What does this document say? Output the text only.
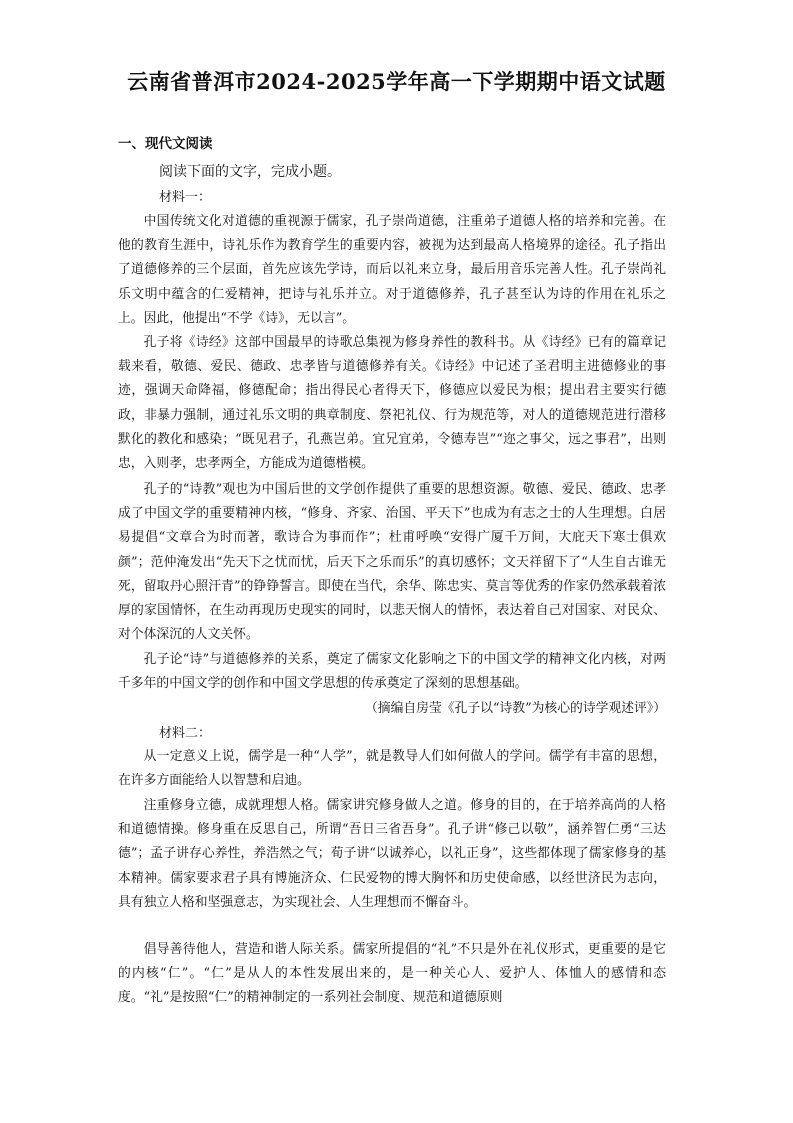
云南省普洱市2024-2025学年高一下学期期中语文试题
一、现代文阅读
阅读下面的文字，完成小题。
材料一：

中国传统文化对道德的重视源于儒家，孔子崇尚道德，注重弟子道德人格的培养和完善。在他的教育生涯中，诗礼乐作为教育学生的重要内容，被视为达到最高人格境界的途径。孔子指出了道德修养的三个层面，首先应该先学诗，而后以礼来立身，最后用音乐完善人性。孔子崇尚礼乐文明中蕴含的仁爱精神，把诗与礼乐并立。对于道德修养，孔子甚至认为诗的作用在礼乐之上。因此，他提出“不学《诗》，无以言”。

孔子将《诗经》这部中国最早的诗歌总集视为修身养性的教科书。从《诗经》已有的篇章记载来看，敬德、爱民、德政、忠孝皆与道德修养有关。《诗经》中记述了圣君明主进德修业的事迹，强调天命降福，修德配命；指出得民心者得天下，修德应以爱民为根；提出君主要实行德政，非暴力强制，通过礼乐文明的典章制度、祭祀礼仪、行为规范等，对人的道德规范进行潜移默化的教化和感染；“既见君子，孔燕岂弟。宜兄宜弟，令德寿岂”“迩之事父，远之事君”，出则忠，入则孝，忠孝两全，方能成为道德楷模。

孔子的“诗教”观也为中国后世的文学创作提供了重要的思想资源。敬德、爱民、德政、忠孝成了中国文学的重要精神内核，“修身、齐家、治国、平天下”也成为有志之士的人生理想。白居易提倡“文章合为时而著，歌诗合为事而作”；杜甫呼唤“安得广厦千万间，大庇天下寒士俱欢颜”；范仲淹发出“先天下之忧而忧，后天下之乐而乐”的真切感怀；文天祥留下了“人生自古谁无死，留取丹心照汗青”的铮铮誓言。即使在当代，余华、陈忠实、莫言等优秀的作家仍然承载着浓厚的家国情怀，在生动再现历史现实的同时，以悲天悯人的情怀，表达着自己对国家、对民众、对个体深沉的人文关怀。

孔子论“诗”与道德修养的关系，奠定了儒家文化影响之下的中国文学的精神文化内核，对两千多年的中国文学的创作和中国文学思想的传承奠定了深刻的思想基础。

（摘编自房莹《孔子以“诗教”为核心的诗学观述评》）
材料二：

从一定意义上说，儒学是一种“人学”，就是教导人们如何做人的学问。儒学有丰富的思想，在许多方面能给人以智慧和启迪。

注重修身立德，成就理想人格。儒家讲究修身做人之道。修身的目的，在于培养高尚的人格和道德情操。修身重在反思自己，所谓“吾日三省吾身”。孔子讲“修己以敬”，涵养智仁勇“三达德”；孟子讲存心养性，养浩然之气；荀子讲“以诚养心，以礼正身”，这些都体现了儒家修身的基本精神。儒家要求君子具有博施济众、仁民爱物的博大胸怀和历史使命感，以经世济民为志向，具有独立人格和坚强意志，为实现社会、人生理想而不懈奋斗。

倡导善待他人，营造和谐人际关系。儒家所提倡的“礼”不只是外在礼仪形式，更重要的是它的内核“仁”。“仁”是从人的本性发展出来的，是一种关心人、爱护人、体恤人的感情和态度。“礼”是按照“仁”的精神制定的一系列社会制度、规范和道德原则
